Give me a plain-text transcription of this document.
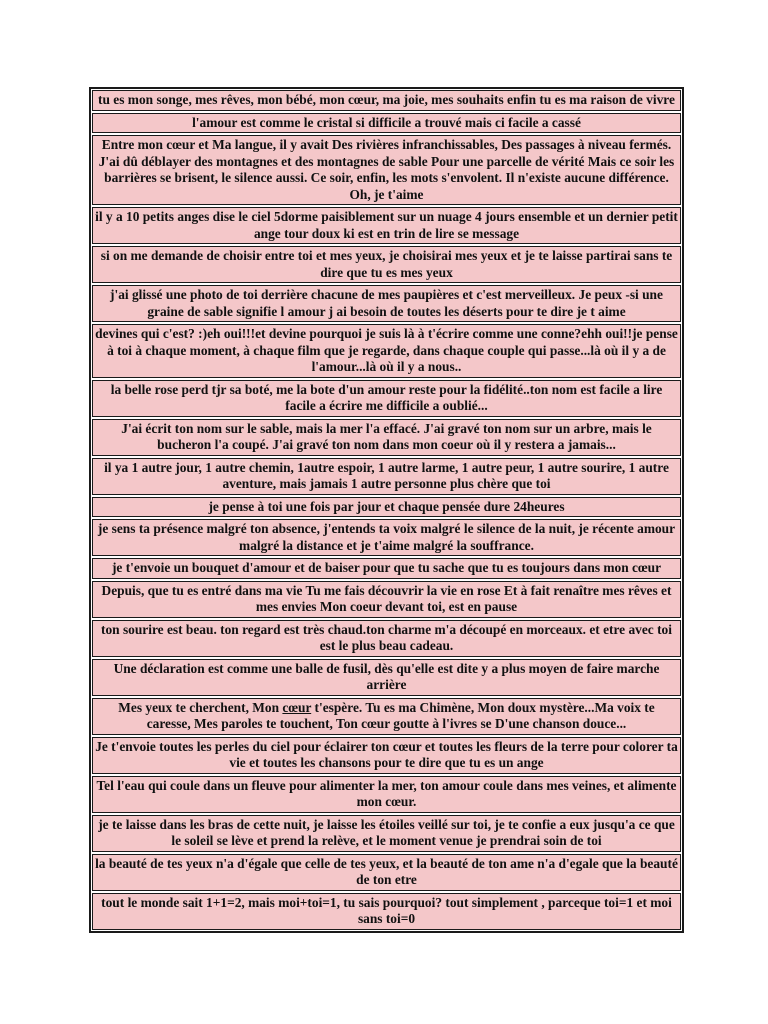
tu es mon songe, mes rêves, mon bébé, mon cœur, ma joie, mes souhaits enfin tu es ma raison de vivre
l'amour est comme le cristal si difficile a trouvé mais ci facile a cassé
Entre mon cœur et Ma langue, il y avait Des rivières infranchissables, Des passages à niveau fermés. J'ai dû déblayer des montagnes et des montagnes de sable Pour une parcelle de vérité Mais ce soir les barrières se brisent, le silence aussi. Ce soir, enfin, les mots s'envolent. Il n'existe aucune différence. Oh, je t'aime
il y a 10 petits anges dise le ciel 5dorme paisiblement sur un nuage 4 jours ensemble et un dernier petit ange tour doux ki est en trin de lire se message
si on me demande de choisir entre toi et mes yeux, je choisirai mes yeux et je te laisse partirai sans te dire que tu es mes yeux
j'ai glissé une photo de toi derrière chacune de mes paupières et c'est merveilleux. Je peux -si une graine de sable signifie l amour j ai besoin de toutes les déserts pour te dire je t aime
devines qui c'est? :)eh oui!!!et devine pourquoi je suis là à t'écrire comme une conne?ehh oui!!je pense à toi à chaque moment, à chaque film que je regarde, dans chaque couple qui passe...là où il y a de l'amour...là où il y a nous..
la belle rose perd tjr sa boté, me la bote d'un amour reste pour la fidélité..ton nom est facile a lire facile a écrire me difficile a oublié...
J'ai écrit ton nom sur le sable, mais la mer l'a effacé. J'ai gravé ton nom sur un arbre, mais le bucheron l'a coupé. J'ai gravé ton nom dans mon coeur où il y restera a jamais...
il ya 1 autre jour, 1 autre chemin, 1autre espoir, 1 autre larme, 1 autre peur, 1 autre sourire, 1 autre aventure, mais jamais 1 autre personne plus chère que toi
je pense à toi une fois par jour et chaque pensée dure 24heures
je sens ta présence malgré ton absence, j'entends ta voix malgré le silence de la nuit, je récente amour malgré la distance et je t'aime malgré la souffrance.
je t'envoie un bouquet d'amour et de baiser pour que tu sache que tu es toujours dans mon cœur
Depuis, que tu es entré dans ma vie Tu me fais découvrir la vie en rose Et à fait renaître mes rêves et mes envies Mon coeur devant toi, est en pause
ton sourire est beau. ton regard est très chaud.ton charme m'a découpé en morceaux. et etre avec toi est le plus beau cadeau.
Une déclaration est comme une balle de fusil, dès qu'elle est dite y a plus moyen de faire marche arrière
Mes yeux te cherchent, Mon cœur t'espère. Tu es ma Chimène, Mon doux mystère...Ma voix te caresse, Mes paroles te touchent, Ton cœur goutte à l'ivres se D'une chanson douce...
Je t'envoie toutes les perles du ciel pour éclairer ton cœur et toutes les fleurs de la terre pour colorer ta vie et toutes les chansons pour te dire que tu es un ange
Tel l'eau qui coule dans un fleuve pour alimenter la mer, ton amour coule dans mes veines, et alimente mon cœur.
je te laisse dans les bras de cette nuit, je laisse les étoiles veillé sur toi, je te confie a eux jusqu'a ce que le soleil se lève et prend la relève, et le moment venue je prendrai soin de toi
la beauté de tes yeux n'a d'égale que celle de tes yeux, et la beauté de ton ame n'a d'egale que la beauté de ton etre
tout le monde sait 1+1=2, mais moi+toi=1, tu sais pourquoi? tout simplement , parceque toi=1 et moi sans toi=0
